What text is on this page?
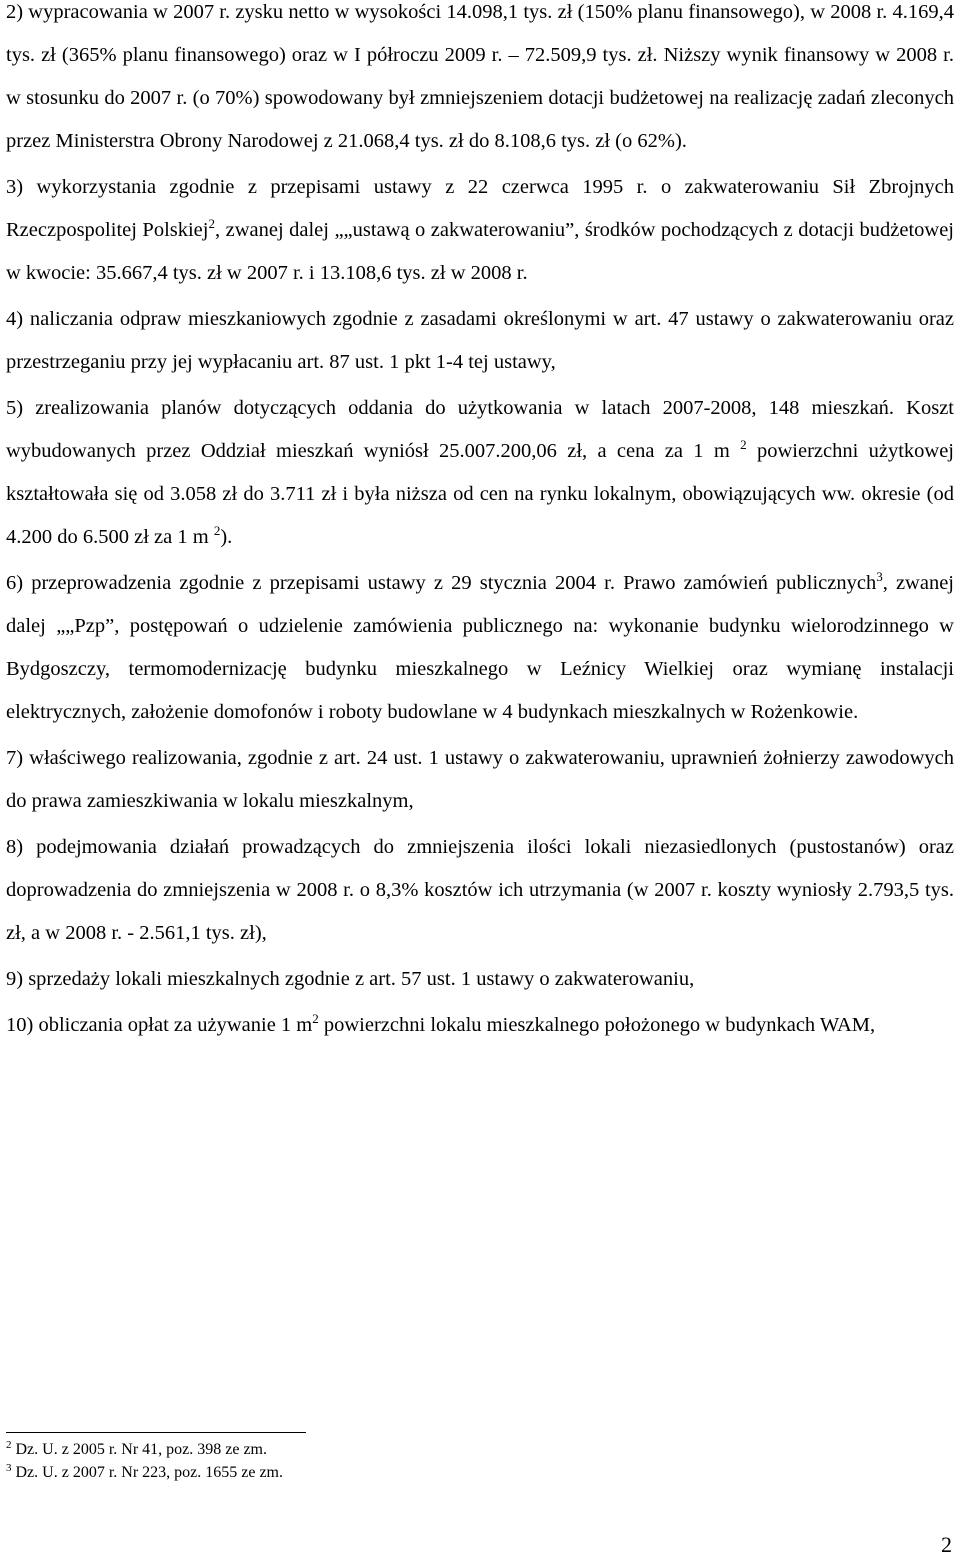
2) wypracowania w 2007 r. zysku netto w wysokości 14.098,1 tys. zł (150% planu finansowego), w 2008 r. 4.169,4 tys. zł (365% planu finansowego) oraz w I półroczu 2009 r. – 72.509,9 tys. zł. Niższy wynik finansowy w 2008 r. w stosunku do 2007 r. (o 70%) spowodowany był zmniejszeniem dotacji budżetowej na realizację zadań zleconych przez Ministerstra Obrony Narodowej z 21.068,4 tys. zł do 8.108,6 tys. zł (o 62%).

3) wykorzystania zgodnie z przepisami ustawy z 22 czerwca 1995 r. o zakwaterowaniu Sił Zbrojnych Rzeczpospolitej Polskiej$^2$, zwanej dalej „„ustawą o zakwaterowaniu”, środków pochodzących z dotacji budżetowej w kwocie: 35.667,4 tys. zł w 2007 r. i 13.108,6 tys. zł w 2008 r.

4) naliczania odpraw mieszkaniowych zgodnie z zasadami określonymi w art. 47 ustawy o zakwaterowaniu oraz przestrzeganiu przy jej wypłacaniu art. 87 ust. 1 pkt 1-4 tej ustawy,

5) zrealizowania planów dotyczących oddania do użytkowania w latach 2007-2008, 148 mieszkań. Koszt wybudowanych przez Oddział mieszkań wyniósł 25.007.200,06 zł, a cena za 1 m $^2$ powierzchni użytkowej kształtowała się od 3.058 zł do 3.711 zł i była niższa od cen na rynku lokalnym, obowiązujących ww. okresie (od 4.200 do 6.500 zł za 1 m $^2$).

6) przeprowadzenia zgodnie z przepisami ustawy z 29 stycznia 2004 r. Prawo zamówień publicznych$^3$, zwanej dalej „„Pzp”, postępowań o udzielenie zamówienia publicznego na: wykonanie budynku wielorodzinnego w Bydgoszczy, termomodernizację budynku mieszkalnego w Leźnicy Wielkiej oraz wymianę instalacji elektrycznych, założenie domofonów i roboty budowlane w 4 budynkach mieszkalnych w Rożenkowie.

7) właściwego realizowania, zgodnie z art. 24 ust. 1 ustawy o zakwaterowaniu, uprawnień żołnierzy zawodowych do prawa zamieszkiwania w lokalu mieszkalnym,

8) podejmowania działań prowadzących do zmniejszenia ilości lokali niezasiedlonych (pustostanów) oraz doprowadzenia do zmniejszenia w 2008 r. o 8,3% kosztów ich utrzymania (w 2007 r. koszty wyniosły 2.793,5 tys. zł, a w 2008 r. - 2.561,1 tys. zł),

9) sprzedaży lokali mieszkalnych zgodnie z art. 57 ust. 1 ustawy o zakwaterowaniu,

10) obliczania opłat za używanie 1 $m^2$ powierzchni lokalu mieszkalnego położonego w budynkach WAM,

$^2$ Dz. U. z 2005 r. Nr 41, poz. 398 ze zm.
$^3$ Dz. U. z 2007 r. Nr 223, poz. 1655 ze zm.
2
